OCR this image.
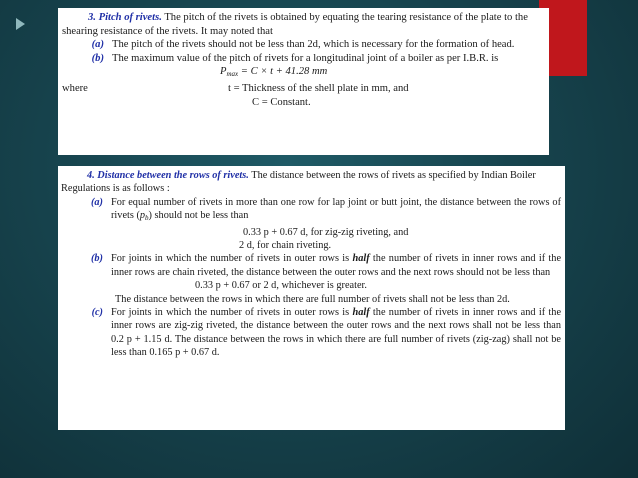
3. Pitch of rivets. The pitch of the rivets is obtained by equating the tearing resistance of the plate to the shearing resistance of the rivets. It may noted that

(a) The pitch of the rivets should not be less than 2d, which is necessary for the formation of head.
(b) The maximum value of the pitch of rivets for a longitudinal joint of a boiler as per I.B.R. is

$P_{max} = C \times t + 41.28$ mm

where	t = Thickness of the shell plate in mm, and

C = Constant.

4. Distance between the rows of rivets. The distance between the rows of rivets as specified by Indian Boiler Regulations is as follows :

(a) For equal number of rivets in more than one row for lap joint or butt joint, the distance between the rows of rivets $(p_b)$ should not be less than

0.33 p + 0.67 d, for zig-zig riveting, and

2 d, for chain riveting.

(b) For joints in which the number of rivets in outer rows is half the number of rivets in inner rows and if the inner rows are chain riveted, the distance between the outer rows and the next rows should not be less than

0.33 p + 0.67 or 2 d, whichever is greater.

The distance between the rows in which there are full number of rivets shall not be less than 2d.

(c) For joints in which the number of rivets in outer rows is half the number of rivets in inner rows and if the inner rows are zig-zig riveted, the distance between the outer rows and the next rows shall not be less than 0.2 p + 1.15 d. The distance between the rows in which there are full number of rivets (zig-zag) shall not be less than 0.165 p + 0.67 d.
